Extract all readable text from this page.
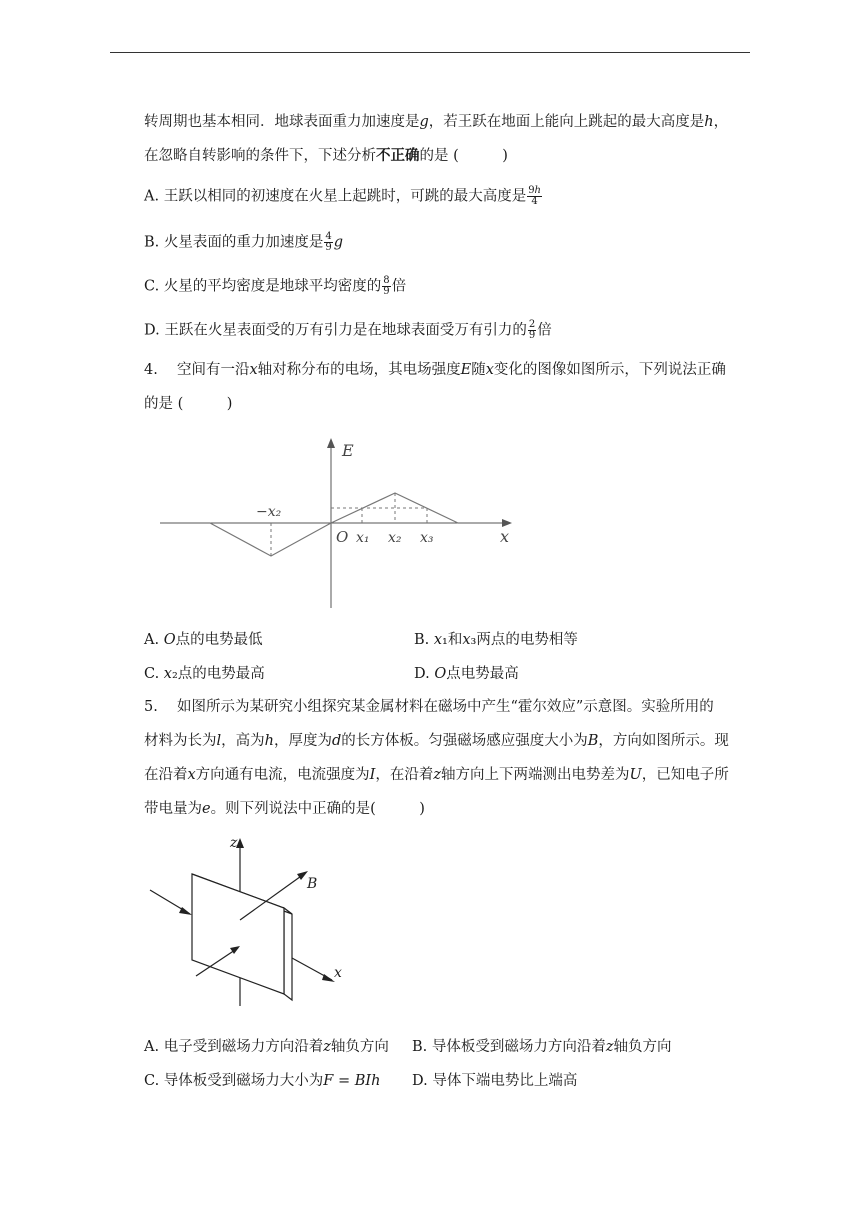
转周期也基本相同．地球表面重力加速度是𝑔，若王跃在地面上能向上跳起的最大高度是ℎ，
在忽略自转影响的条件下，下述分析不正确的是 (　　　)
A. 王跃以相同的初速度在火星上起跳时，可跳的最大高度是 $\frac{\text{9ℎ}}{4}$
B. 火星表面的重力加速度是 $\frac{4}{9}$ 𝑔
C. 火星的平均密度是地球平均密度的 $\frac{8}{9}$ 倍
D. 王跃在火星表面受的万有引力是在地球表面受万有引力的 $\frac{2}{9}$ 倍
4.　 空间有一沿𝑥轴对称分布的电场，其电场强度𝐸随𝑥变化的图像如图所示，下列说法正确
的是 (　　　)
E
x
O
−x₂
x₁ x₂ x₃
A. 𝑂点的电势最低	B. 𝑥₁和𝑥₃两点的电势相等
C. 𝑥₂点的电势最高	D. 𝑂点电势最高
5.　 如图所示为某研究小组探究某金属材料在磁场中产生“霍尔效应”示意图。实验所用的
材料为长为𝑙，高为ℎ，厚度为𝑑的长方体板。匀强磁场感应强度大小为𝐵，方向如图所示。现
在沿着𝑥方向通有电流，电流强度为𝐼，在沿着𝑧轴方向上下两端测出电势差为𝑈，已知电子所
带电量为𝑒。则下列说法中正确的是(　　　)
z
B
x
A. 电子受到磁场力方向沿着𝑧轴负方向 B. 导体板受到磁场力方向沿着𝑧轴负方向
C. 导体板受到磁场力大小为𝐹 = 𝐵𝐼ℎ D. 导体下端电势比上端高
